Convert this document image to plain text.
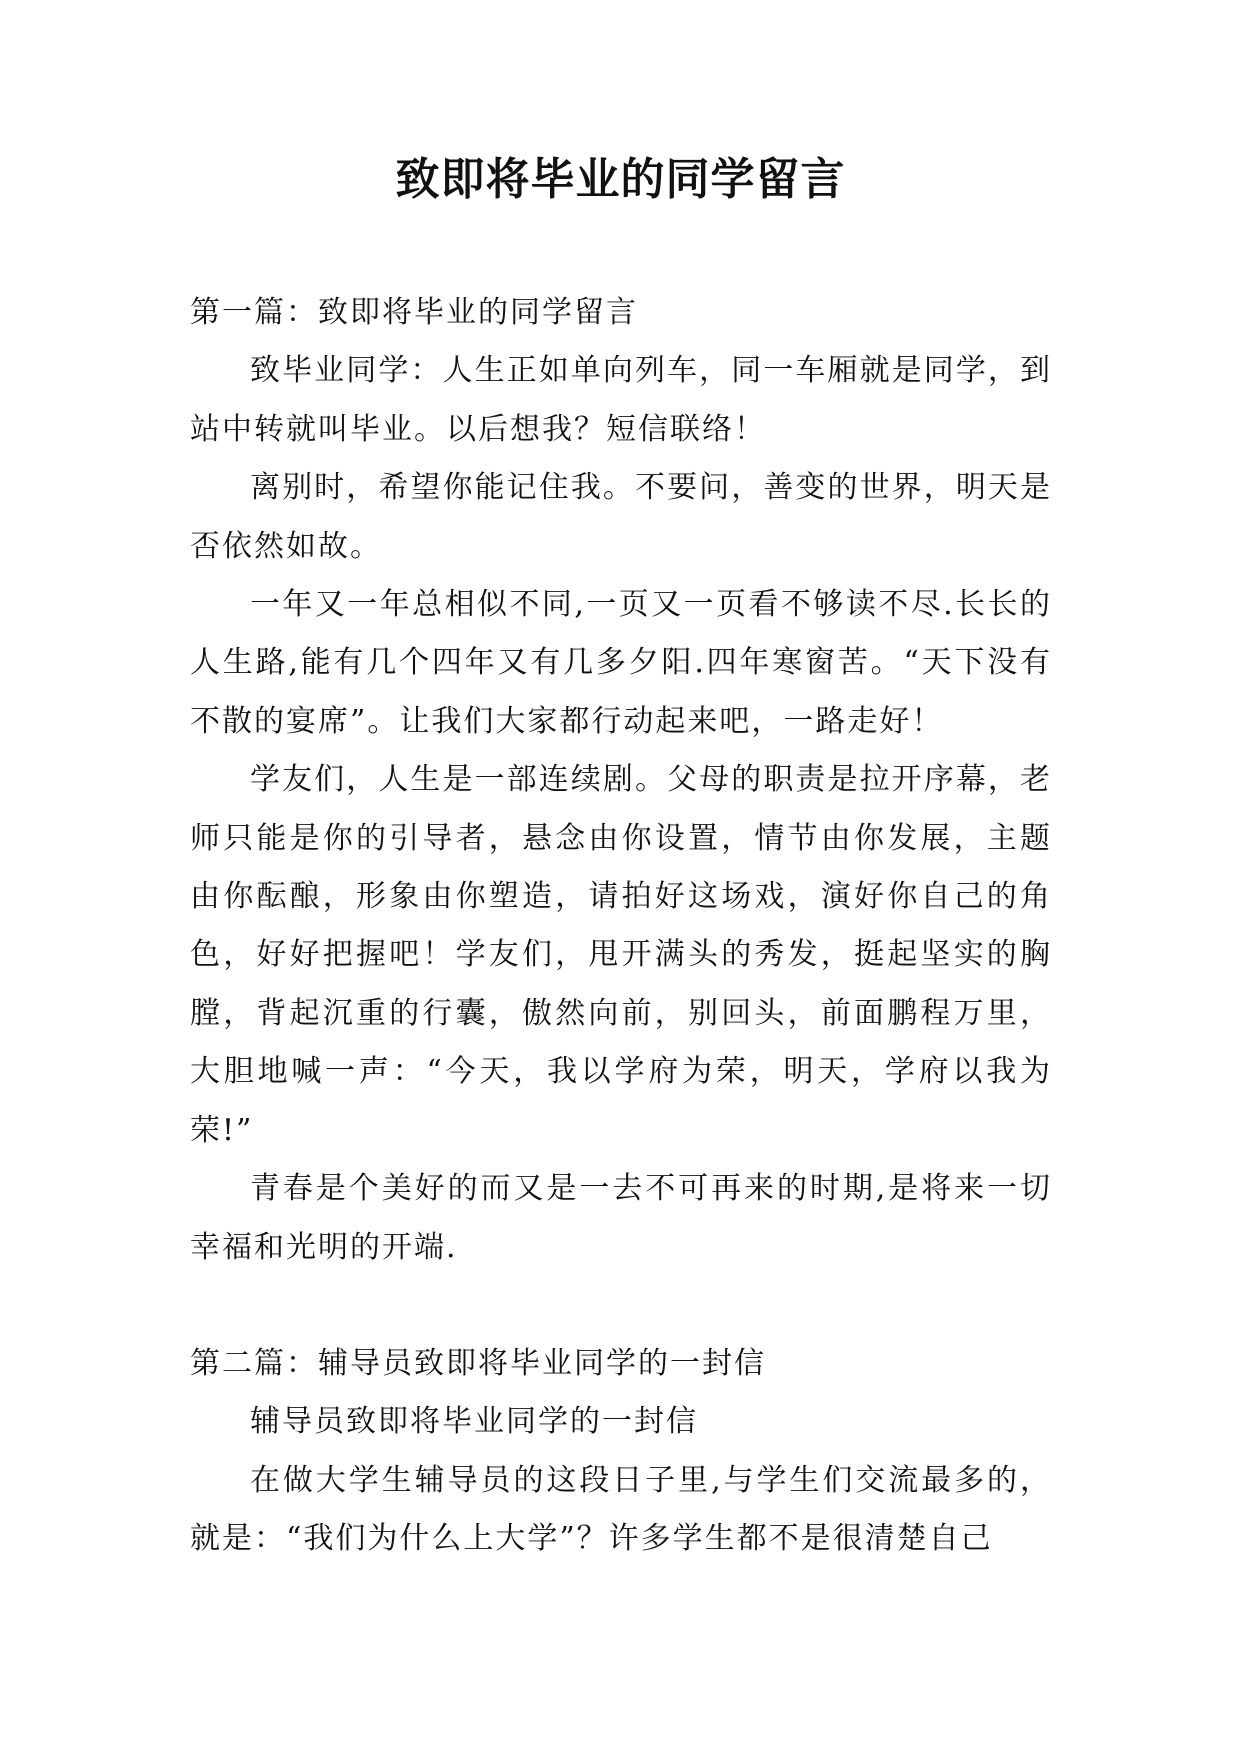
致即将毕业的同学留言

第一篇：致即将毕业的同学留言

致毕业同学：人生正如单向列车，同一车厢就是同学，到站中转就叫毕业。以后想我？短信联络！

离别时，希望你能记住我。不要问，善变的世界，明天是否依然如故。

一年又一年总相似不同,一页又一页看不够读不尽.长长的人生路,能有几个四年又有几多夕阳.四年寒窗苦。“天下没有不散的宴席”。让我们大家都行动起来吧，一路走好！

学友们，人生是一部连续剧。父母的职责是拉开序幕，老师只能是你的引导者，悬念由你设置，情节由你发展，主题由你酝酿，形象由你塑造，请拍好这场戏，演好你自己的角色，好好把握吧！学友们，甩开满头的秀发，挺起坚实的胸膛，背起沉重的行囊，傲然向前，别回头，前面鹏程万里，大胆地喊一声：“今天，我以学府为荣，明天，学府以我为荣!”

青春是个美好的而又是一去不可再来的时期,是将来一切幸福和光明的开端.

第二篇：辅导员致即将毕业同学的一封信

辅导员致即将毕业同学的一封信

在做大学生辅导员的这段日子里,与学生们交流最多的，就是：“我们为什么上大学”？许多学生都不是很清楚自己
